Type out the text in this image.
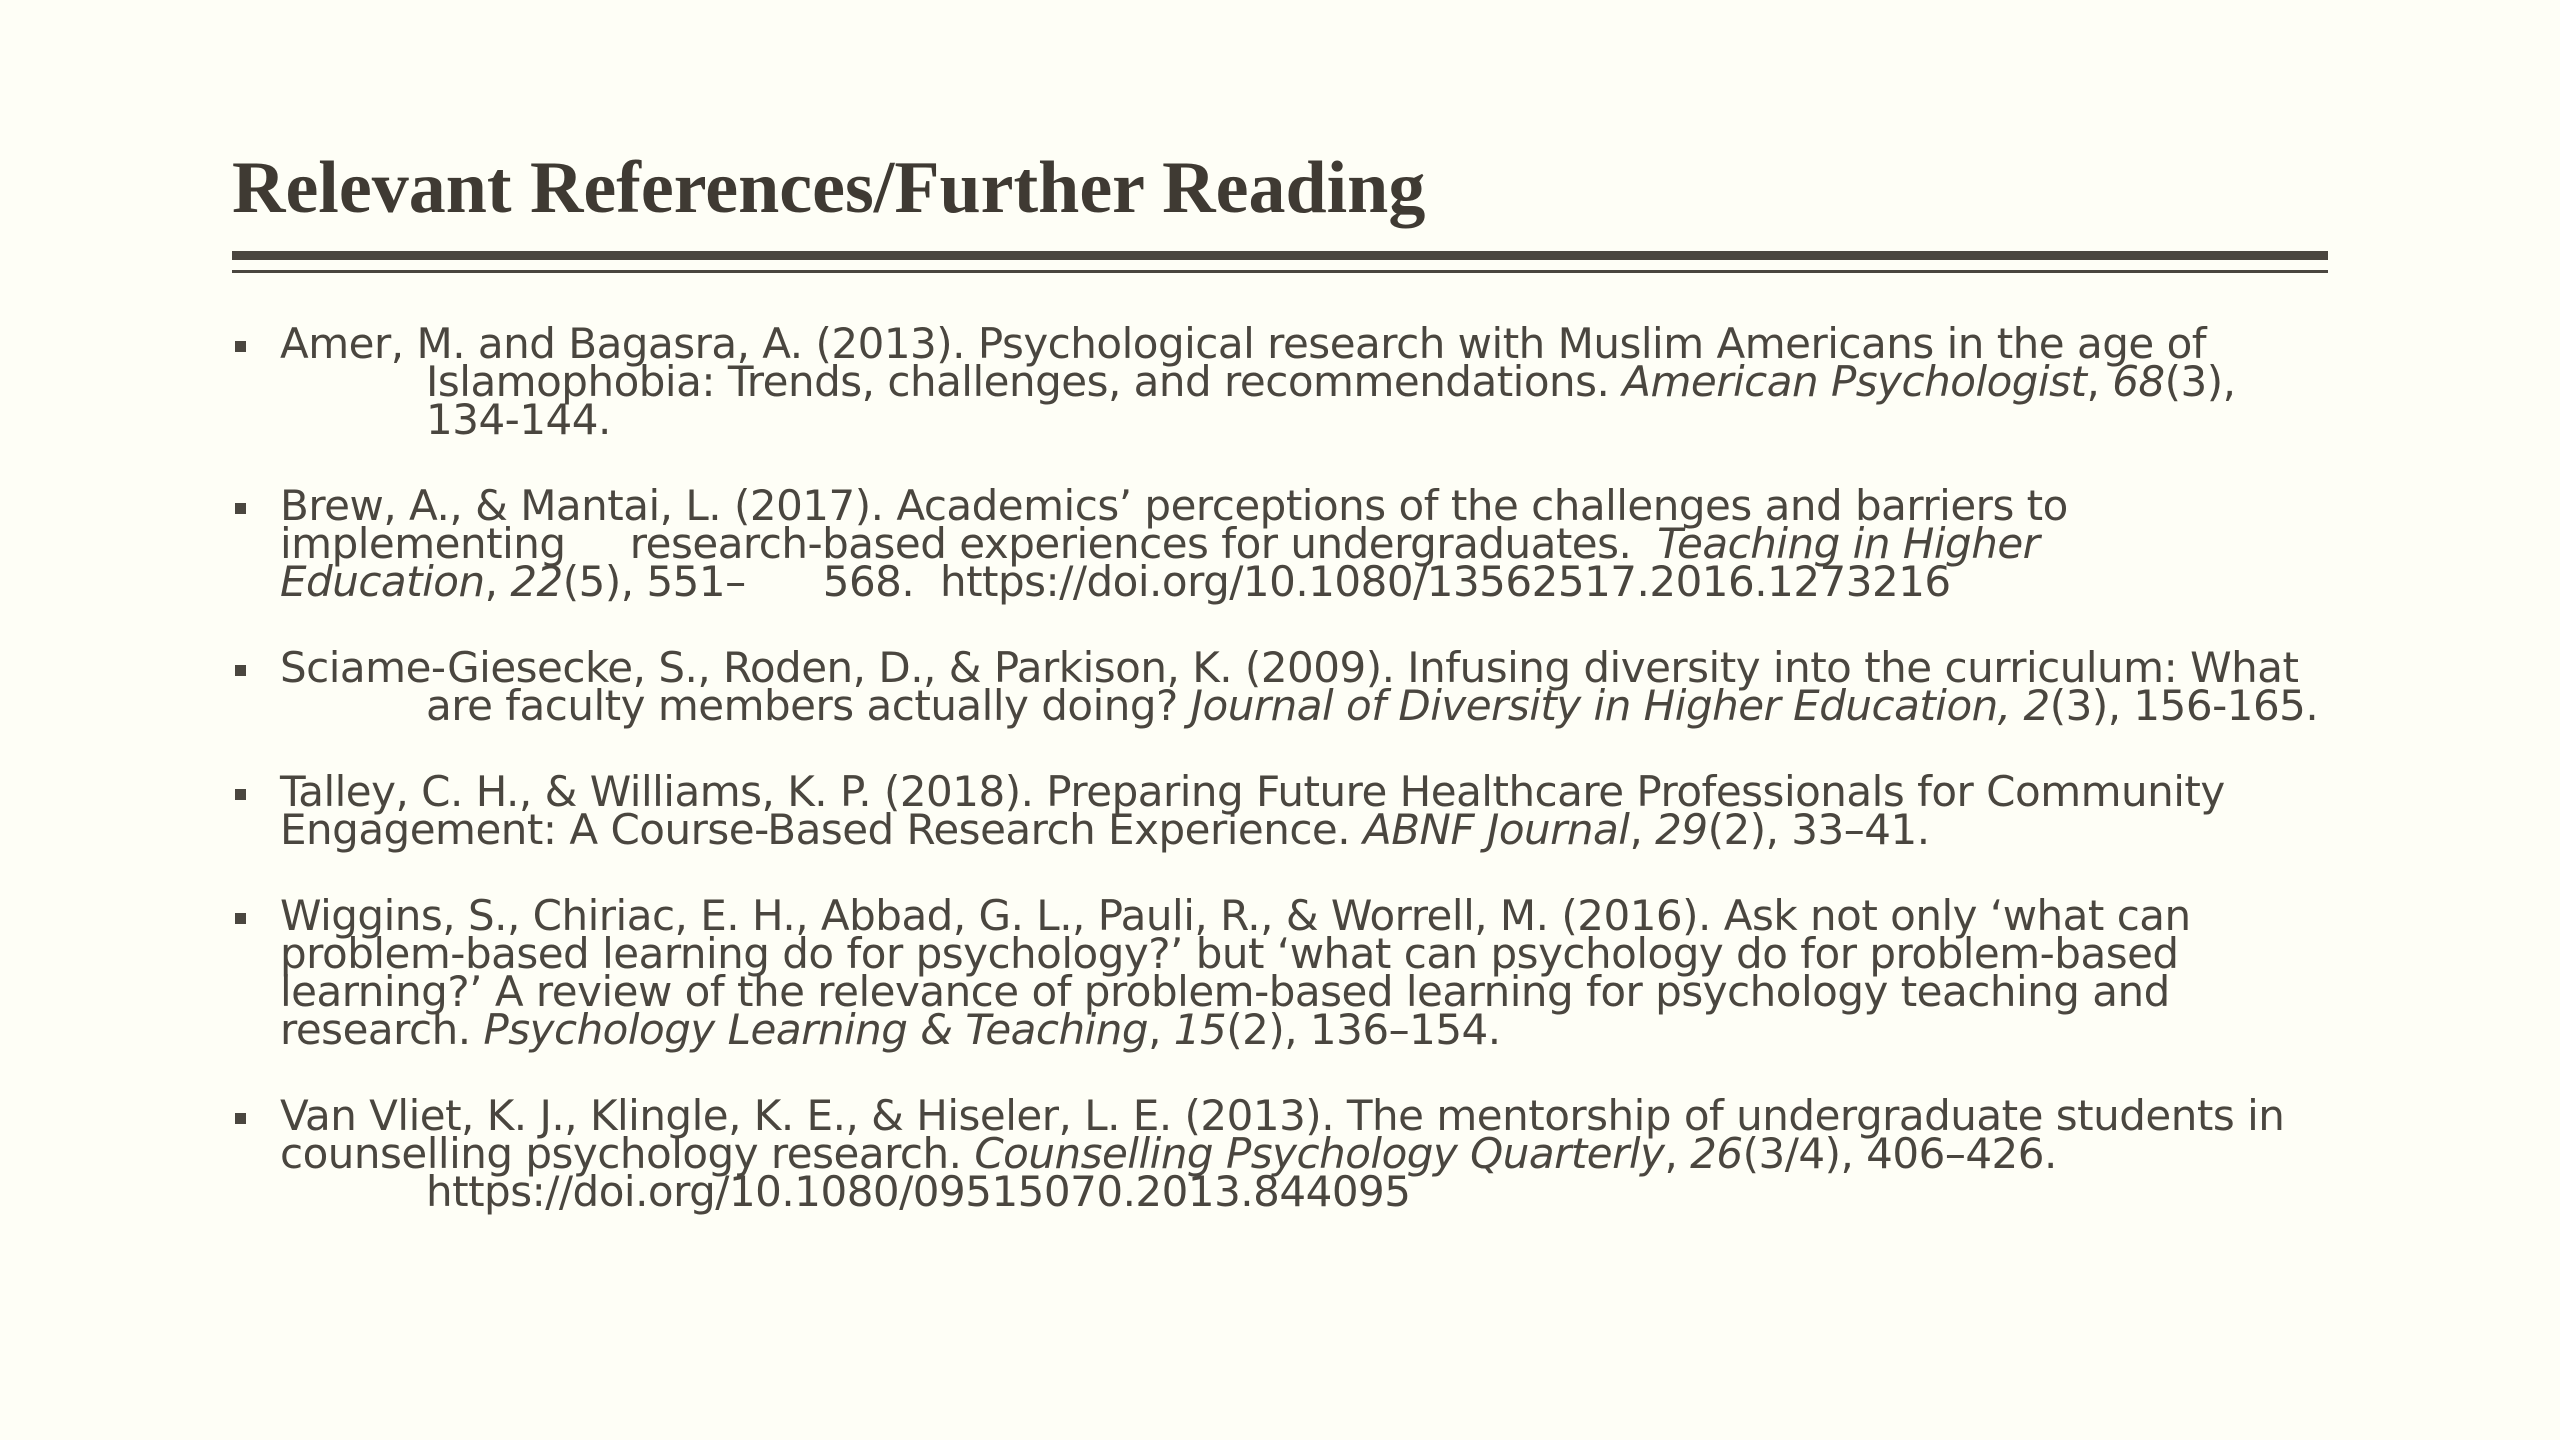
Relevant References/Further Reading
Amer, M. and Bagasra, A. (2013). Psychological research with Muslim Americans in the age of
Islamophobia: Trends, challenges, and recommendations. American Psychologist, 68(3),
134-144.
Brew, A., & Mantai, L. (2017). Academics’ perceptions of the challenges and barriers to
implementing     research-based experiences for undergraduates.  Teaching in Higher
Education, 22(5), 551–      568.  https://doi.org/10.1080/13562517.2016.1273216
Sciame-Giesecke, S., Roden, D., & Parkison, K. (2009). Infusing diversity into the curriculum: What
are faculty members actually doing? Journal of Diversity in Higher Education, 2(3), 156-165.
Talley, C. H., & Williams, K. P. (2018). Preparing Future Healthcare Professionals for Community
Engagement: A Course-Based Research Experience. ABNF Journal, 29(2), 33–41.
Wiggins, S., Chiriac, E. H., Abbad, G. L., Pauli, R., & Worrell, M. (2016). Ask not only ‘what can
problem-based learning do for psychology?’ but ‘what can psychology do for problem-based
learning?’ A review of the relevance of problem-based learning for psychology teaching and
research. Psychology Learning & Teaching, 15(2), 136–154.
Van Vliet, K. J., Klingle, K. E., & Hiseler, L. E. (2013). The mentorship of undergraduate students in
counselling psychology research. Counselling Psychology Quarterly, 26(3/4), 406–426.
https://doi.org/10.1080/09515070.2013.844095
